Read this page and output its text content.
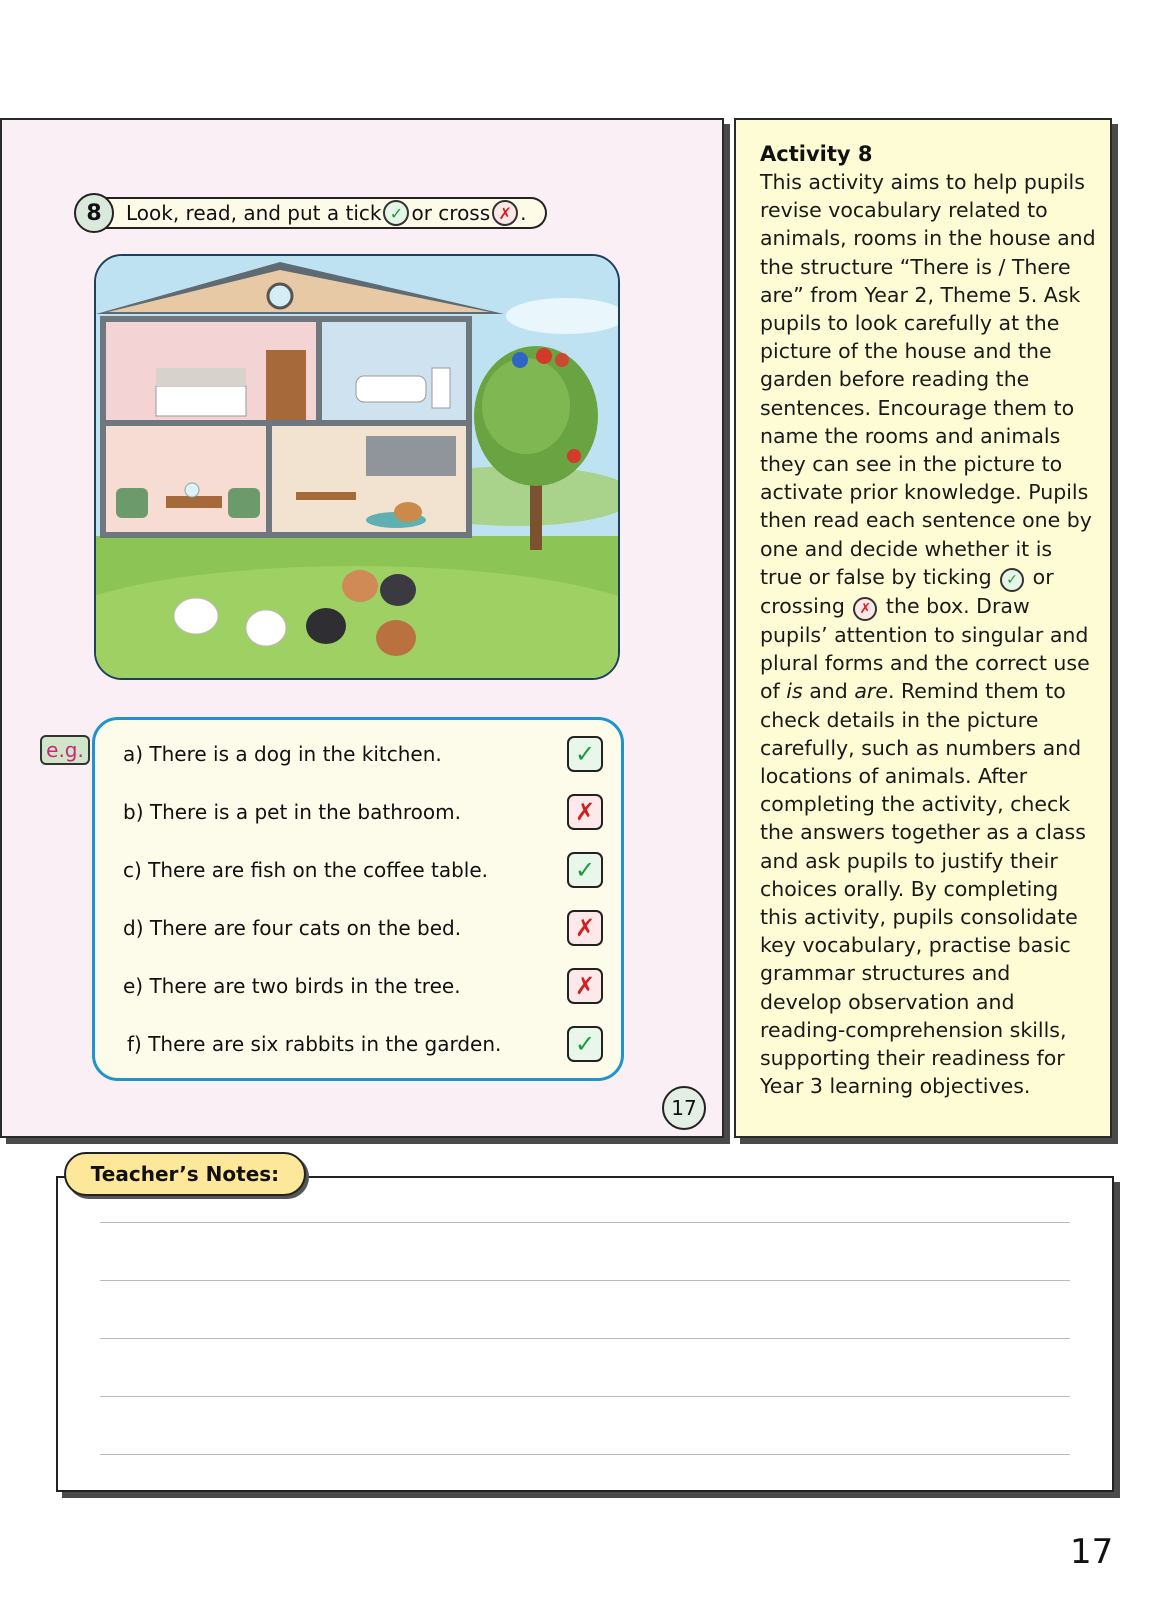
8	Look, read, and put a tick ✓ or cross ✗ .
e.g.	a) There is a dog in the kitchen.	✓
b) There is a pet in the bathroom.	✗
c) There are fish on the coffee table.	✓
d) There are four cats on the bed.	✗
e) There are two birds in the tree.	✗
f) There are six rabbits in the garden.	✓
17
Activity 8
This activity aims to help pupils revise vocabulary related to animals, rooms in the house and the structure “There is / There are” from Year 2, Theme 5. Ask pupils to look carefully at the picture of the house and the garden before reading the sentences. Encourage them to name the rooms and animals they can see in the picture to activate prior knowledge. Pupils then read each sentence one by one and decide whether it is true or false by ticking ✓ or crossing ✗ the box. Draw pupils’ attention to singular and plural forms and the correct use of is and are. Remind them to check details in the picture carefully, such as numbers and locations of animals. After completing the activity, check the answers together as a class and ask pupils to justify their choices orally. By completing this activity, pupils consolidate key vocabulary, practise basic grammar structures and develop observation and reading-comprehension skills, supporting their readiness for Year 3 learning objectives.
Teacher’s Notes:
17
